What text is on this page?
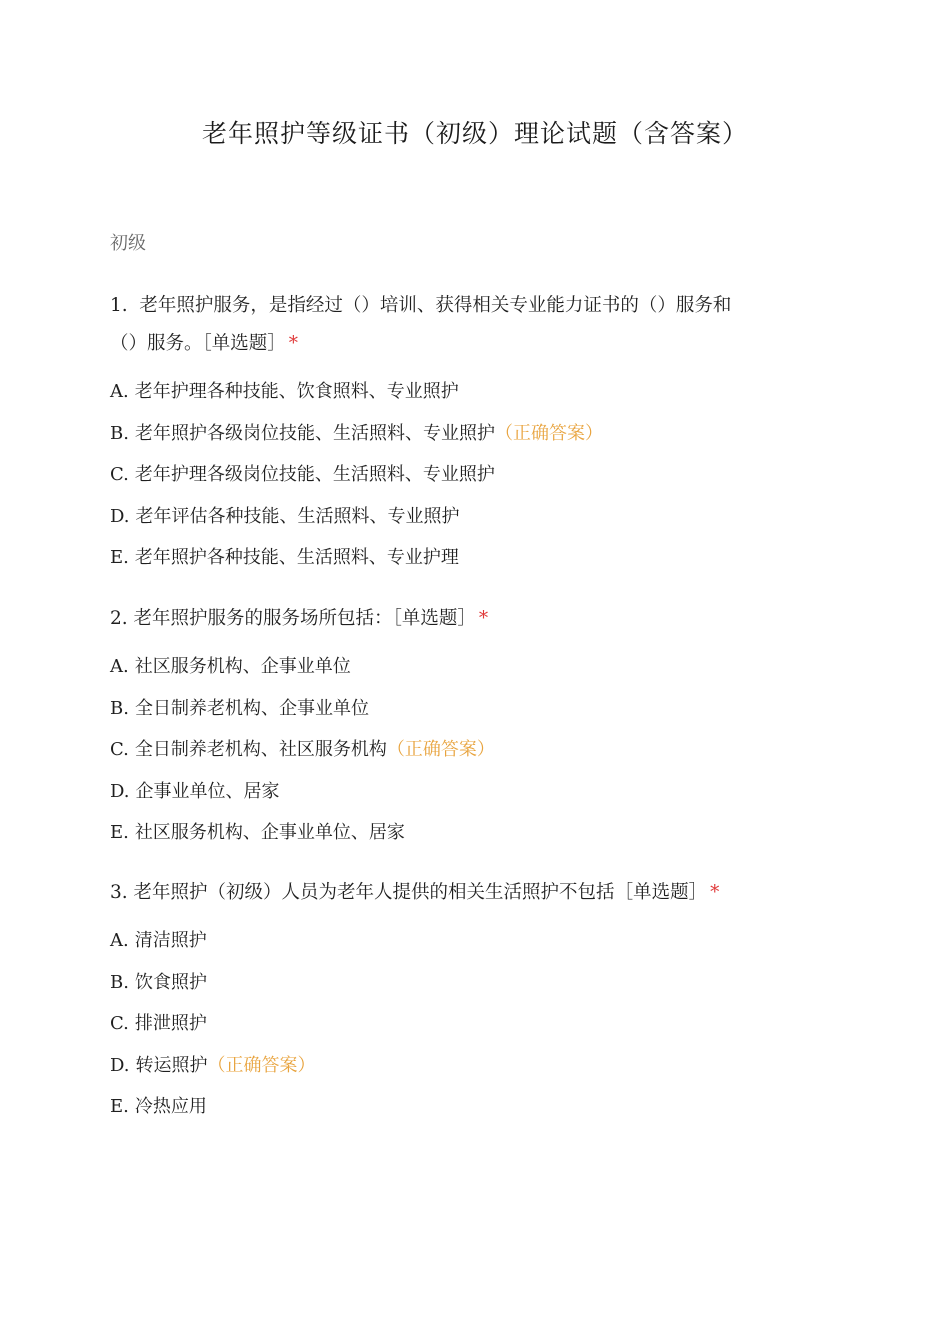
老年照护等级证书（初级）理论试题（含答案）
初级
1. 老年照护服务，是指经过（）培训、获得相关专业能力证书的（）服务和
（）服务。［单选题］ *
A. 老年护理各种技能、饮食照料、专业照护
B. 老年照护各级岗位技能、生活照料、专业照护（正确答案）
C. 老年护理各级岗位技能、生活照料、专业照护
D. 老年评估各种技能、生活照料、专业照护
E. 老年照护各种技能、生活照料、专业护理
2. 老年照护服务的服务场所包括：［单选题］ *
A. 社区服务机构、企事业单位
B. 全日制养老机构、企事业单位
C. 全日制养老机构、社区服务机构（正确答案）
D. 企事业单位、居家
E. 社区服务机构、企事业单位、居家
3. 老年照护（初级）人员为老年人提供的相关生活照护不包括［单选题］ *
A. 清洁照护
B. 饮食照护
C. 排泄照护
D. 转运照护（正确答案）
E. 冷热应用
